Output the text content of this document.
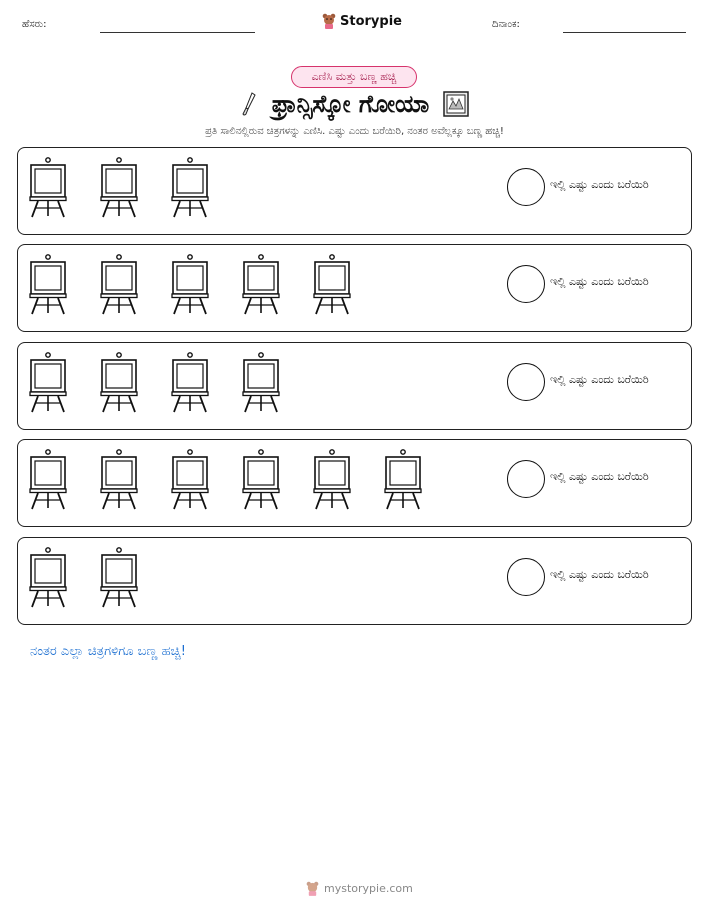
ಹೆಸರು:	Storypie	ದಿನಾಂಕ:
ಎಣಿಸಿ ಮತ್ತು ಬಣ್ಣ ಹಚ್ಚಿ
ಫ್ರಾನ್ಸಿಸ್ಕೋ ಗೋಯಾ
ಪ್ರತಿ ಸಾಲಿನಲ್ಲಿರುವ ಚಿತ್ರಗಳನ್ನು ಎಣಿಸಿ. ಎಷ್ಟು ಎಂದು ಬರೆಯಿರಿ, ನಂತರ ಅವೆಲ್ಲಕ್ಕೂ ಬಣ್ಣ ಹಚ್ಚಿ!
ಇಲ್ಲಿ ಎಷ್ಟು ಎಂದು ಬರೆಯಿರಿ
ಇಲ್ಲಿ ಎಷ್ಟು ಎಂದು ಬರೆಯಿರಿ
ಇಲ್ಲಿ ಎಷ್ಟು ಎಂದು ಬರೆಯಿರಿ
ಇಲ್ಲಿ ಎಷ್ಟು ಎಂದು ಬರೆಯಿರಿ
ಇಲ್ಲಿ ಎಷ್ಟು ಎಂದು ಬರೆಯಿರಿ
ನಂತರ ಎಲ್ಲಾ ಚಿತ್ರಗಳಿಗೂ ಬಣ್ಣ ಹಚ್ಚಿ!
mystorypie.com
